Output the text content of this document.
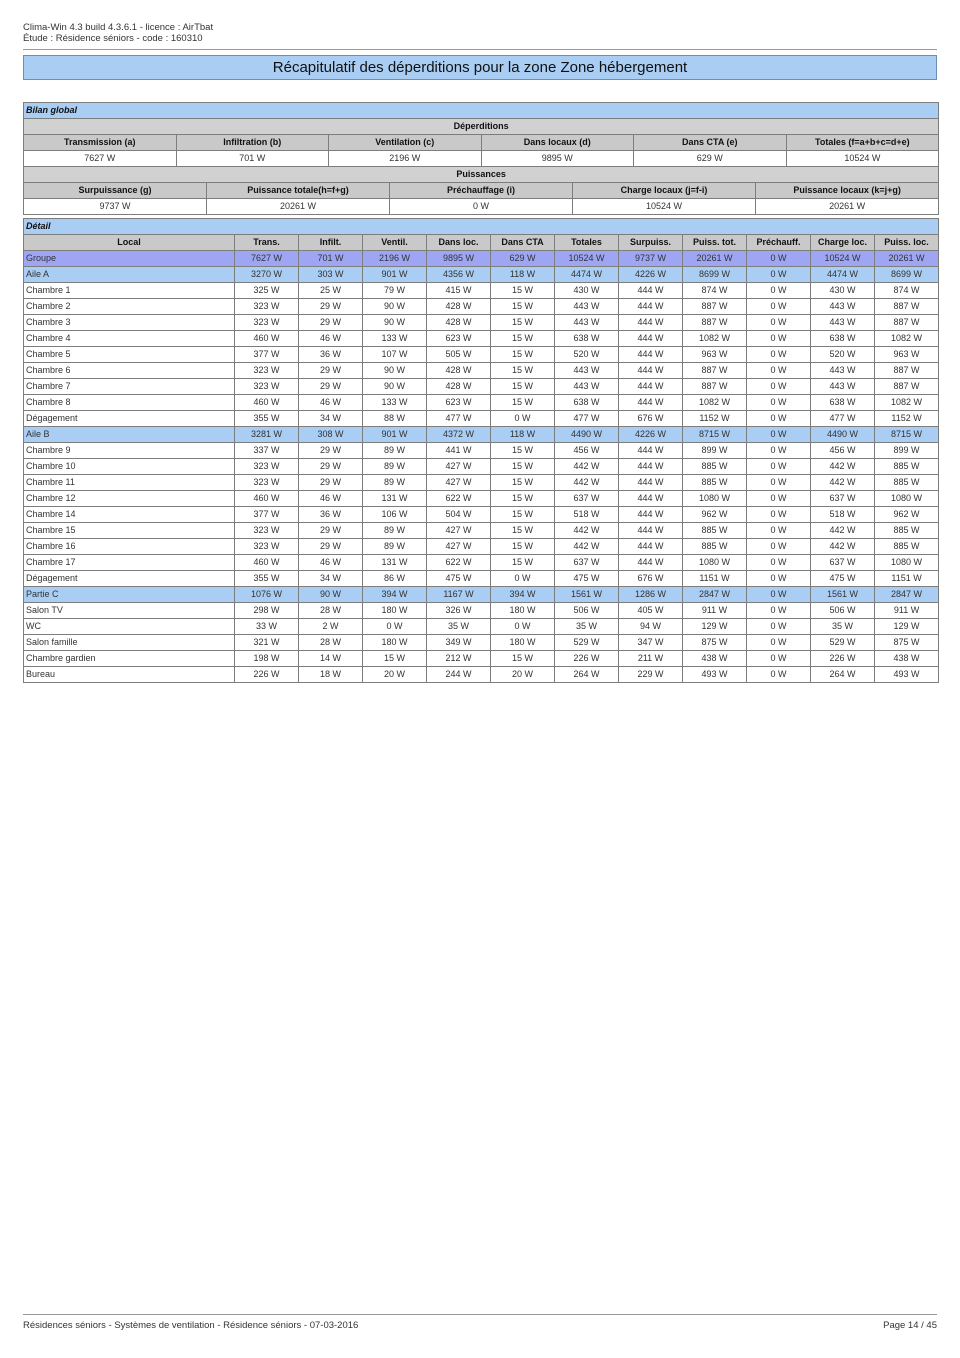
Clima-Win 4.3 build 4.3.6.1 - licence : AirTbat
Étude : Résidence séniors - code : 160310
Récapitulatif des déperditions pour la zone Zone hébergement
Bilan global									
Déperditions									
Transmission (a)	Infiltration (b)		Ventilation (c)		Dans locaux (d)		Dans CTA (e)		Totales (f=a+b+c=d+e)
7627 W	701 W		2196 W		9895 W		629 W		10524 W
Puissances									
Surpuissance (g)		Puissance totale(h=f+g)		Préchauffage (i)		Charge locaux (j=f-i)		Puissance locaux (k=j+g)	
9737 W		20261 W		0 W		10524 W		20261 W	
Détail											
Local	Trans.	Infilt.	Ventil.	Dans loc.	Dans CTA	Totales	Surpuiss.	Puiss. tot.	Préchauff.	Charge loc.	Puiss. loc.
Groupe	7627 W	701 W	2196 W	9895 W	629 W	10524 W	9737 W	20261 W	0 W	10524 W	20261 W
Aile A	3270 W	303 W	901 W	4356 W	118 W	4474 W	4226 W	8699 W	0 W	4474 W	8699 W
Chambre 1	325 W	25 W	79 W	415 W	15 W	430 W	444 W	874 W	0 W	430 W	874 W
Chambre 2	323 W	29 W	90 W	428 W	15 W	443 W	444 W	887 W	0 W	443 W	887 W
Chambre 3	323 W	29 W	90 W	428 W	15 W	443 W	444 W	887 W	0 W	443 W	887 W
Chambre 4	460 W	46 W	133 W	623 W	15 W	638 W	444 W	1082 W	0 W	638 W	1082 W
Chambre 5	377 W	36 W	107 W	505 W	15 W	520 W	444 W	963 W	0 W	520 W	963 W
Chambre 6	323 W	29 W	90 W	428 W	15 W	443 W	444 W	887 W	0 W	443 W	887 W
Chambre 7	323 W	29 W	90 W	428 W	15 W	443 W	444 W	887 W	0 W	443 W	887 W
Chambre 8	460 W	46 W	133 W	623 W	15 W	638 W	444 W	1082 W	0 W	638 W	1082 W
Dégagement	355 W	34 W	88 W	477 W	0 W	477 W	676 W	1152 W	0 W	477 W	1152 W
Aile B	3281 W	308 W	901 W	4372 W	118 W	4490 W	4226 W	8715 W	0 W	4490 W	8715 W
Chambre 9	337 W	29 W	89 W	441 W	15 W	456 W	444 W	899 W	0 W	456 W	899 W
Chambre 10	323 W	29 W	89 W	427 W	15 W	442 W	444 W	885 W	0 W	442 W	885 W
Chambre 11	323 W	29 W	89 W	427 W	15 W	442 W	444 W	885 W	0 W	442 W	885 W
Chambre 12	460 W	46 W	131 W	622 W	15 W	637 W	444 W	1080 W	0 W	637 W	1080 W
Chambre 14	377 W	36 W	106 W	504 W	15 W	518 W	444 W	962 W	0 W	518 W	962 W
Chambre 15	323 W	29 W	89 W	427 W	15 W	442 W	444 W	885 W	0 W	442 W	885 W
Chambre 16	323 W	29 W	89 W	427 W	15 W	442 W	444 W	885 W	0 W	442 W	885 W
Chambre 17	460 W	46 W	131 W	622 W	15 W	637 W	444 W	1080 W	0 W	637 W	1080 W
Dégagement	355 W	34 W	86 W	475 W	0 W	475 W	676 W	1151 W	0 W	475 W	1151 W
Partie C	1076 W	90 W	394 W	1167 W	394 W	1561 W	1286 W	2847 W	0 W	1561 W	2847 W
Salon TV	298 W	28 W	180 W	326 W	180 W	506 W	405 W	911 W	0 W	506 W	911 W
WC	33 W	2 W	0 W	35 W	0 W	35 W	94 W	129 W	0 W	35 W	129 W
Salon famille	321 W	28 W	180 W	349 W	180 W	529 W	347 W	875 W	0 W	529 W	875 W
Chambre gardien	198 W	14 W	15 W	212 W	15 W	226 W	211 W	438 W	0 W	226 W	438 W
Bureau	226 W	18 W	20 W	244 W	20 W	264 W	229 W	493 W	0 W	264 W	493 W
Résidences séniors - Systèmes de ventilation - Résidence séniors - 07-03-2016	Page 14 / 45
